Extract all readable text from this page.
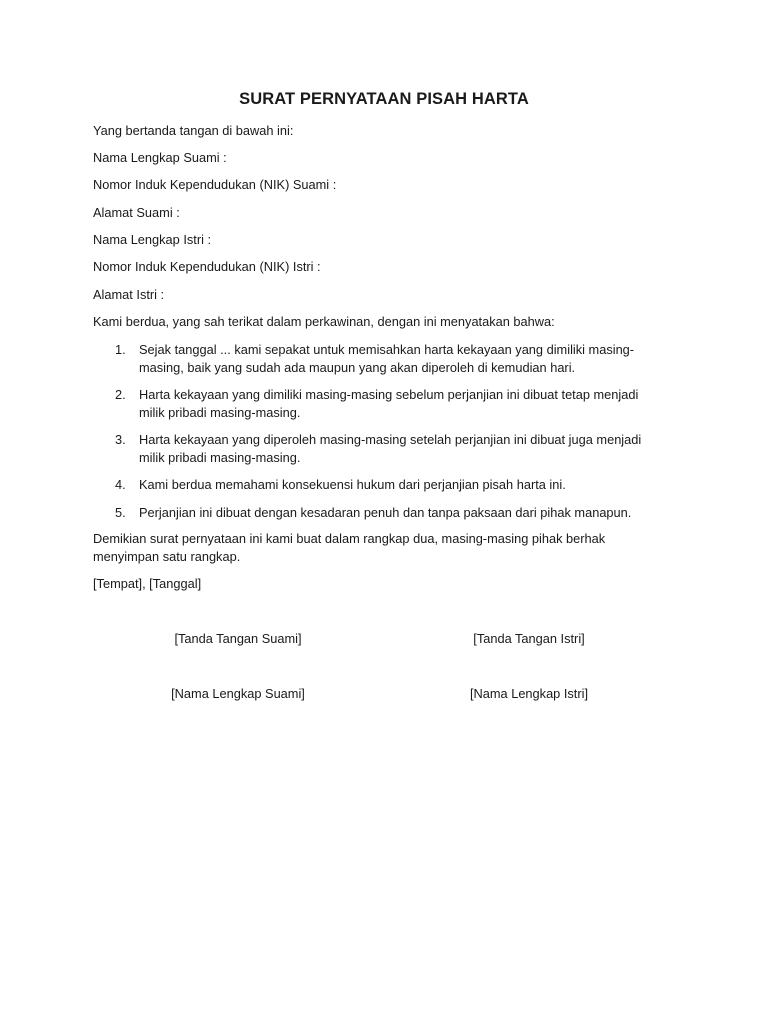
SURAT PERNYATAAN PISAH HARTA

Yang bertanda tangan di bawah ini:

Nama Lengkap Suami :

Nomor Induk Kependudukan (NIK) Suami :

Alamat Suami :

Nama Lengkap Istri :

Nomor Induk Kependudukan (NIK) Istri :

Alamat Istri :

Kami berdua, yang sah terikat dalam perkawinan, dengan ini menyatakan bahwa:

1. Sejak tanggal ... kami sepakat untuk memisahkan harta kekayaan yang dimiliki masing-masing, baik yang sudah ada maupun yang akan diperoleh di kemudian hari.
2. Harta kekayaan yang dimiliki masing-masing sebelum perjanjian ini dibuat tetap menjadi milik pribadi masing-masing.
3. Harta kekayaan yang diperoleh masing-masing setelah perjanjian ini dibuat juga menjadi milik pribadi masing-masing.
4. Kami berdua memahami konsekuensi hukum dari perjanjian pisah harta ini.
5. Perjanjian ini dibuat dengan kesadaran penuh dan tanpa paksaan dari pihak manapun.

Demikian surat pernyataan ini kami buat dalam rangkap dua, masing-masing pihak berhak menyimpan satu rangkap.

[Tempat], [Tanggal]

[Tanda Tangan Suami]	[Tanda Tangan Istri]
[Nama Lengkap Suami]	[Nama Lengkap Istri]
